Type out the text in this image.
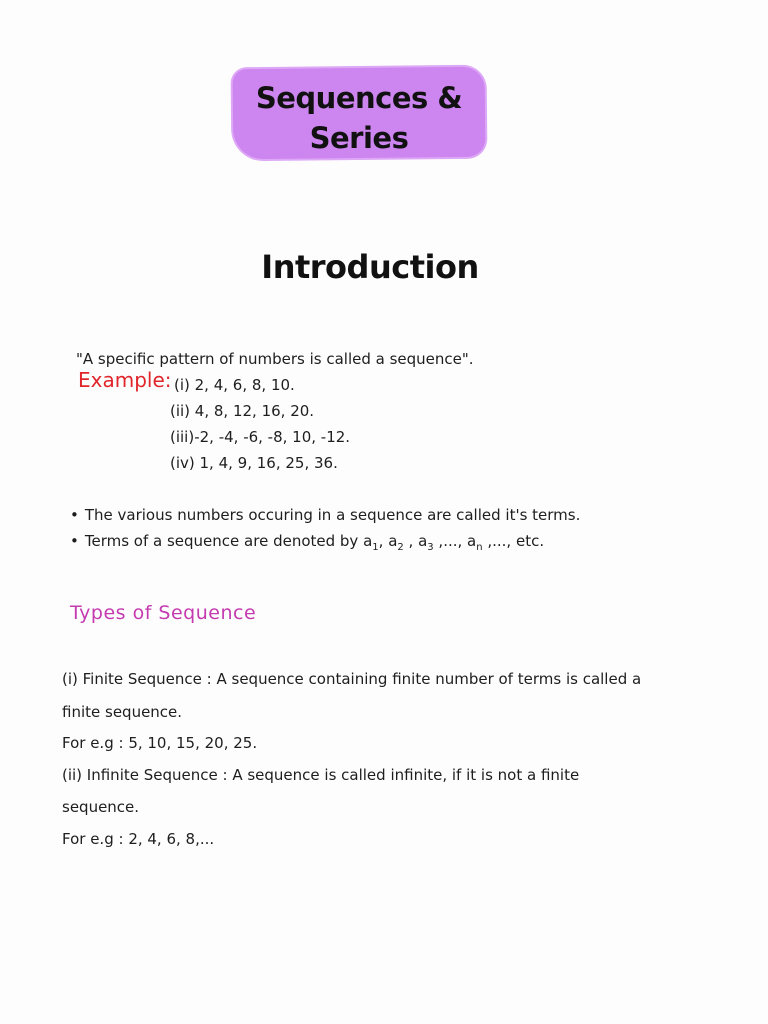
Sequences &
Series
Introduction
"A specific pattern of numbers is called a sequence".
Example: (i) 2, 4, 6, 8, 10.
(ii) 4, 8, 12, 16, 20.
(iii)-2, -4, -6, -8, 10, -12.
(iv) 1, 4, 9, 16, 25, 36.
• The various numbers occuring in a sequence are called it's terms.
• Terms of a sequence are denoted by $a_1$, $a_2$ , $a_3$ ,..., $a_n$ ,..., etc.
Types of Sequence
(i) Finite Sequence : A sequence containing finite number of terms is called a
finite sequence.
For e.g : 5, 10, 15, 20, 25.
(ii) Infinite Sequence : A sequence is called infinite, if it is not a finite
sequence.
For e.g : 2, 4, 6, 8,...
